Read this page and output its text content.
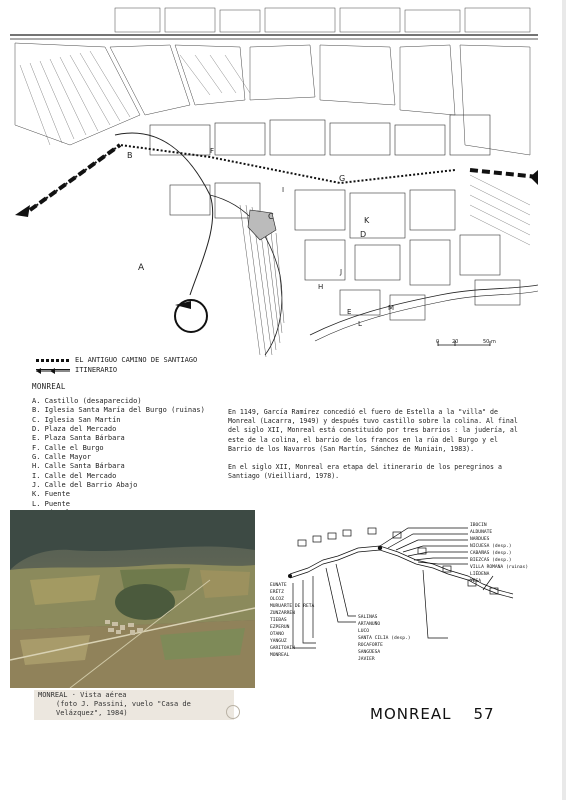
A
B
C
D
E
F
G
H
I
J
K
L
M
0	20	50 m
EL ANTIGUO CAMINO DE SANTIAGO
ITINERARIO
MONREAL
A. Castillo (desaparecido)
B. Iglesia Santa María del Burgo (ruinas)
C. Iglesia San Martín
D. Plaza del Mercado
E. Plaza Santa Bárbara
F. Calle el Burgo
G. Calle Mayor
H. Calle Santa Bárbara
I. Calle del Mercado
J. Calle del Barrio Abajo
K. Fuente
L. Puente

En 1149, García Ramírez concedió el fuero de Estella a la "villa" de Monreal (Lacarra, 1949) y después tuvo castillo sobre la colina. Al final del siglo XII, Monreal está constituido por tres barrios : la judería, al este de la colina, el barrio de los francos en la rúa del Burgo y el Barrio de los Navarros (San Martín, Sánchez de Muniain, 1983).

En el siglo XII, Monreal era etapa del itinerario de los peregrinos a Santiago (Vieilliard, 1978).

MONREAL · Vista aérea
(foto J. Passini, vuelo "Casa de Velázquez", 1984)
EUNATE
ERÉTZ
OLCOZ
MURUARTE DE RETA
ZUNZARREN
TIEBAS
EZPERUN
OTANO
YANGUZ
GARITOAIN
MONREAL
SALINAS
ARTANUÑO
LUCO
SANTA CILIA (desp.)
ROCAFORTE
SANGÜESA
JAVIER
IBOCIN
ALDUNATE
NARDUES
NICUESA (desp.)
CABAÑAS (desp.)
BIEZCAS (desp.)
VILLA ROMANA (ruinas)
LIÉDENA
YESA
MONREAL 57
